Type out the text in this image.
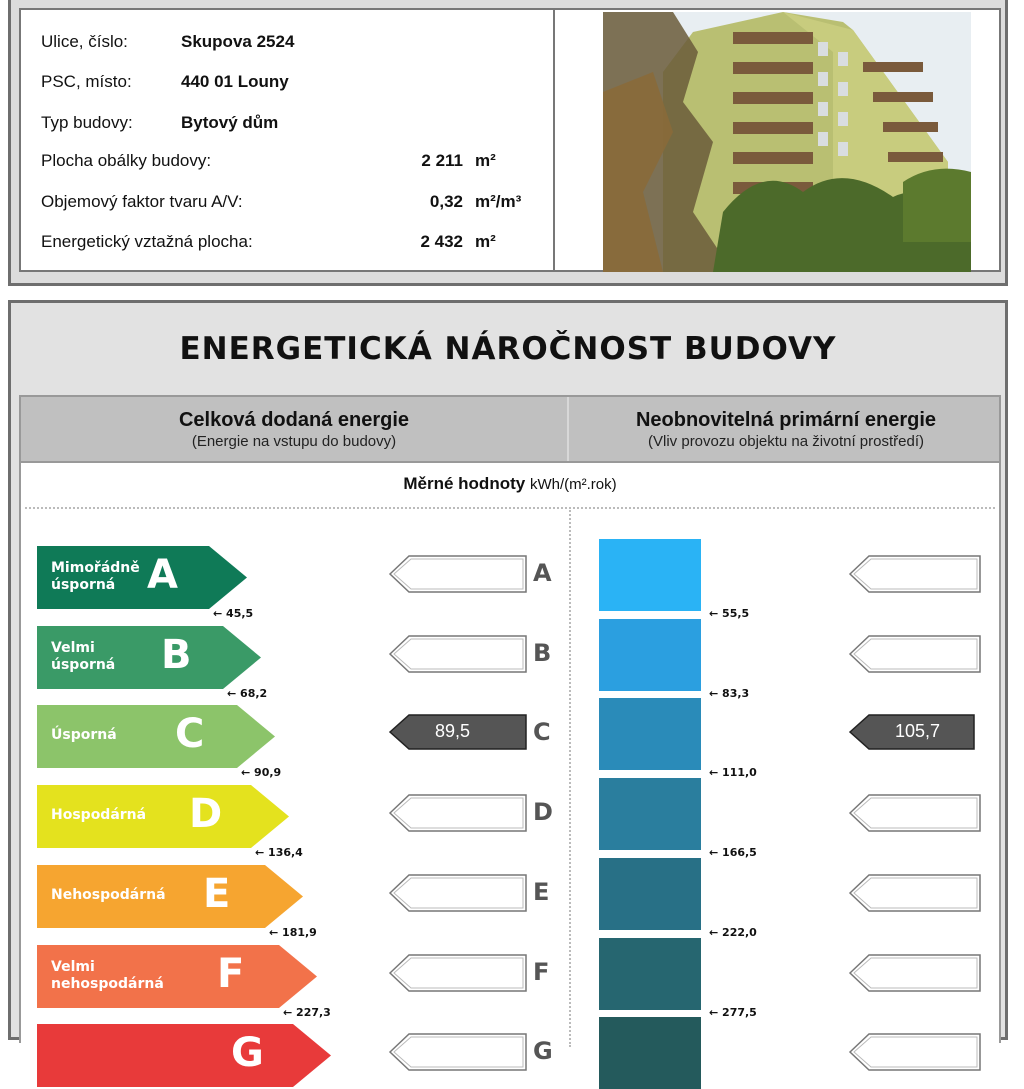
Ulice, číslo:	Skupova 2524
PSC, místo:	440 01 Louny
Typ budovy:	Bytový dům
Plocha obálky budovy:	2 211 m²
Objemový faktor tvaru A/V:	0,32 m²/m³
Energetický vztažná plocha:	2 432 m²
ENERGETICKÁ NÁROČNOST BUDOVY
Celková dodaná energie
(Energie na vstupu do budovy)
Neobnovitelná primární energie
(Vliv provozu objektu na životní prostředí)
Měrné hodnoty kWh/(m².rok)
Mimořádně
úsporná A	A
← 45,5	← 55,5
Velmi
úsporná B	B
← 68,2	← 83,3
Úsporná C	89,5	C	105,7
← 90,9	← 111,0
Hospodárná D	D
← 136,4	← 166,5
Nehospodárná E	E
← 181,9	← 222,0
Velmi
nehospodárná F	F
← 227,3	← 277,5
G	G
